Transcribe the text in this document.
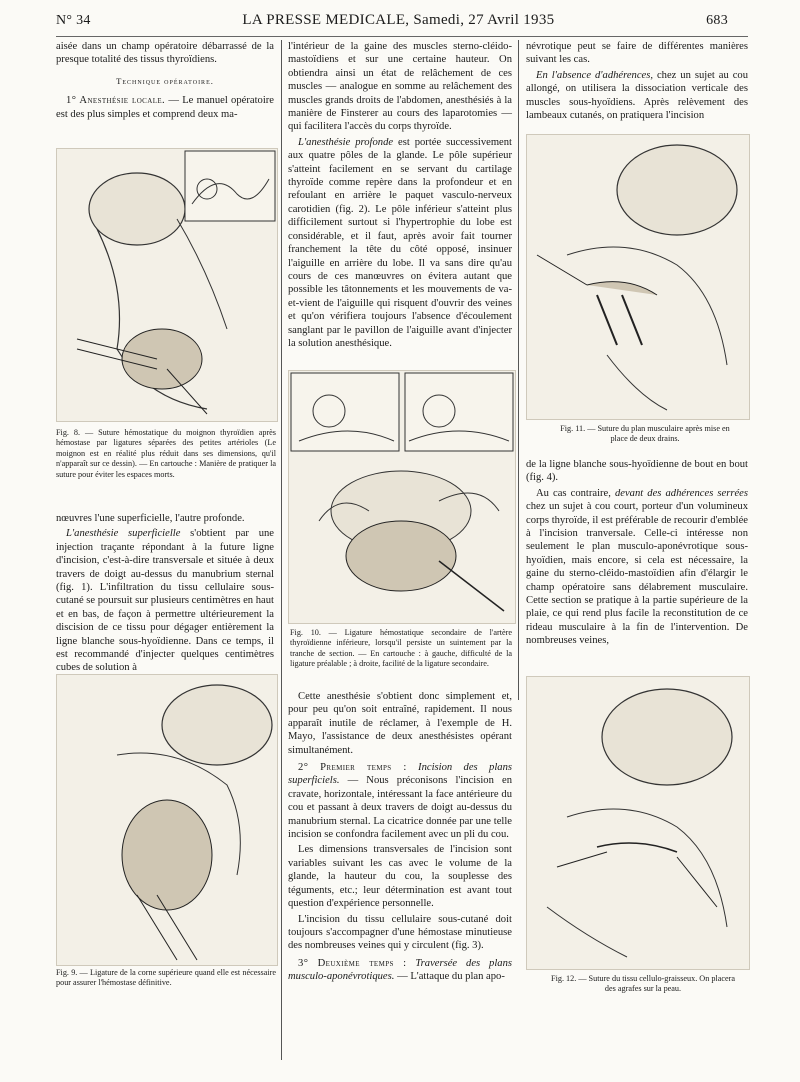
N° 34	LA PRESSE MEDICALE, Samedi, 27 Avril 1935	683

aisée dans un champ opératoire débarrassé de la presque totalité des tissus thyroïdiens.

Technique opératoire.

1° Anesthésie locale. — Le manuel opératoire est des plus simples et comprend deux ma-

Fig. 8. — Suture hémostatique du moignon thyroïdien après hémostase par ligatures séparées des petites artérioles (Le moignon est en réalité plus réduit dans ses dimensions, qu'il n'apparaît sur ce dessin). — En cartouche : Manière de pratiquer la suture pour éviter les espaces morts.

nœuvres l'une superficielle, l'autre profonde.

L'anesthésie superficielle s'obtient par une injection traçante répondant à la future ligne d'incision, c'est-à-dire transversale et située à deux travers de doigt au-dessus du manubrium sternal (fig. 1). L'infiltration du tissu cellulaire sous-cutané se poursuit sur plusieurs centimètres en haut et en bas, de façon à permettre ultérieurement la discision de ce tissu pour dégager entièrement la ligne blanche sous-hyoïdienne. Dans ce temps, il est recommandé d'injecter quelques centimètres cubes de solution à

Fig. 9. — Ligature de la corne supérieure quand elle est nécessaire pour assurer l'hémostase définitive.

l'intérieur de la gaine des muscles sterno-cléido-mastoïdiens et sur une certaine hauteur. On obtiendra ainsi un état de relâchement de ces muscles — analogue en somme au relâchement des muscles grands droits de l'abdomen, anesthésiés à la manière de Finsterer au cours des laparotomies — qui facilitera l'accès du corps thyroïde.

L'anesthésie profonde est portée successivement aux quatre pôles de la glande. Le pôle supérieur s'atteint facilement en se servant du cartilage thyroïde comme repère dans la profondeur et en refoulant en arrière le paquet vasculo-nerveux carotidien (fig. 2). Le pôle inférieur s'atteint plus difficilement surtout si l'hypertrophie du lobe est considérable, et il faut, après avoir fait tourner franchement la tête du côté opposé, insinuer l'aiguille en arrière du lobe. Il va sans dire qu'au cours de ces manœuvres on évitera autant que possible les tâtonnements et les mouvements de va-et-vient de l'aiguille qui risquent d'ouvrir des veines et qu'on vérifiera toujours l'absence d'écoulement sanglant par le pavillon de l'aiguille avant d'injecter la solution anesthésique.

Fig. 10. — Ligature hémostatique secondaire de l'artère thyroïdienne inférieure, lorsqu'il persiste un suintement par la tranche de section. — En cartouche : à gauche, difficulté de la ligature préalable ; à droite, facilité de la ligature secondaire.

Cette anesthésie s'obtient donc simplement et, pour peu qu'on soit entraîné, rapidement. Il nous apparaît inutile de réclamer, à l'exemple de H. Mayo, l'assistance de deux anesthésistes opérant simultanément.

2° Premier temps : Incision des plans superficiels. — Nous préconisons l'incision en cravate, horizontale, intéressant la face antérieure du cou et passant à deux travers de doigt au-dessus du manubrium sternal. La cicatrice donnée par une telle incision se confondra facilement avec un pli du cou.

Les dimensions transversales de l'incision sont variables suivant les cas avec le volume de la glande, la hauteur du cou, la souplesse des téguments, etc.; leur détermination est avant tout question d'expérience personnelle.

L'incision du tissu cellulaire sous-cutané doit toujours s'accompagner d'une hémostase minutieuse des nombreuses veines qui y circulent (fig. 3).

3° Deuxième temps : Traversée des plans musculo-aponévrotiques. — L'attaque du plan apo-

névrotique peut se faire de différentes manières suivant les cas.

En l'absence d'adhérences, chez un sujet au cou allongé, on utilisera la dissociation verticale des muscles sous-hyoïdiens. Après relèvement des lambeaux cutanés, on pratiquera l'incision

Fig. 11. — Suture du plan musculaire après mise en place de deux drains.

de la ligne blanche sous-hyoïdienne de bout en bout (fig. 4).

Au cas contraire, devant des adhérences serrées chez un sujet à cou court, porteur d'un volumineux corps thyroïde, il est préférable de recourir d'emblée à l'incision tranversale. Celle-ci intéresse non seulement le plan musculo-aponévrotique sous-hyoïdien, mais encore, si cela est nécessaire, la gaine du sterno-cléido-mastoïdien afin d'élargir le champ opératoire sans délabrement musculaire. Cette section se pratique à la partie supérieure de la plaie, ce qui rend plus facile la reconstitution de ce rideau musculaire à la fin de l'intervention. De nombreuses veines,

Fig. 12. — Suture du tissu cellulo-graisseux. On placera des agrafes sur la peau.
